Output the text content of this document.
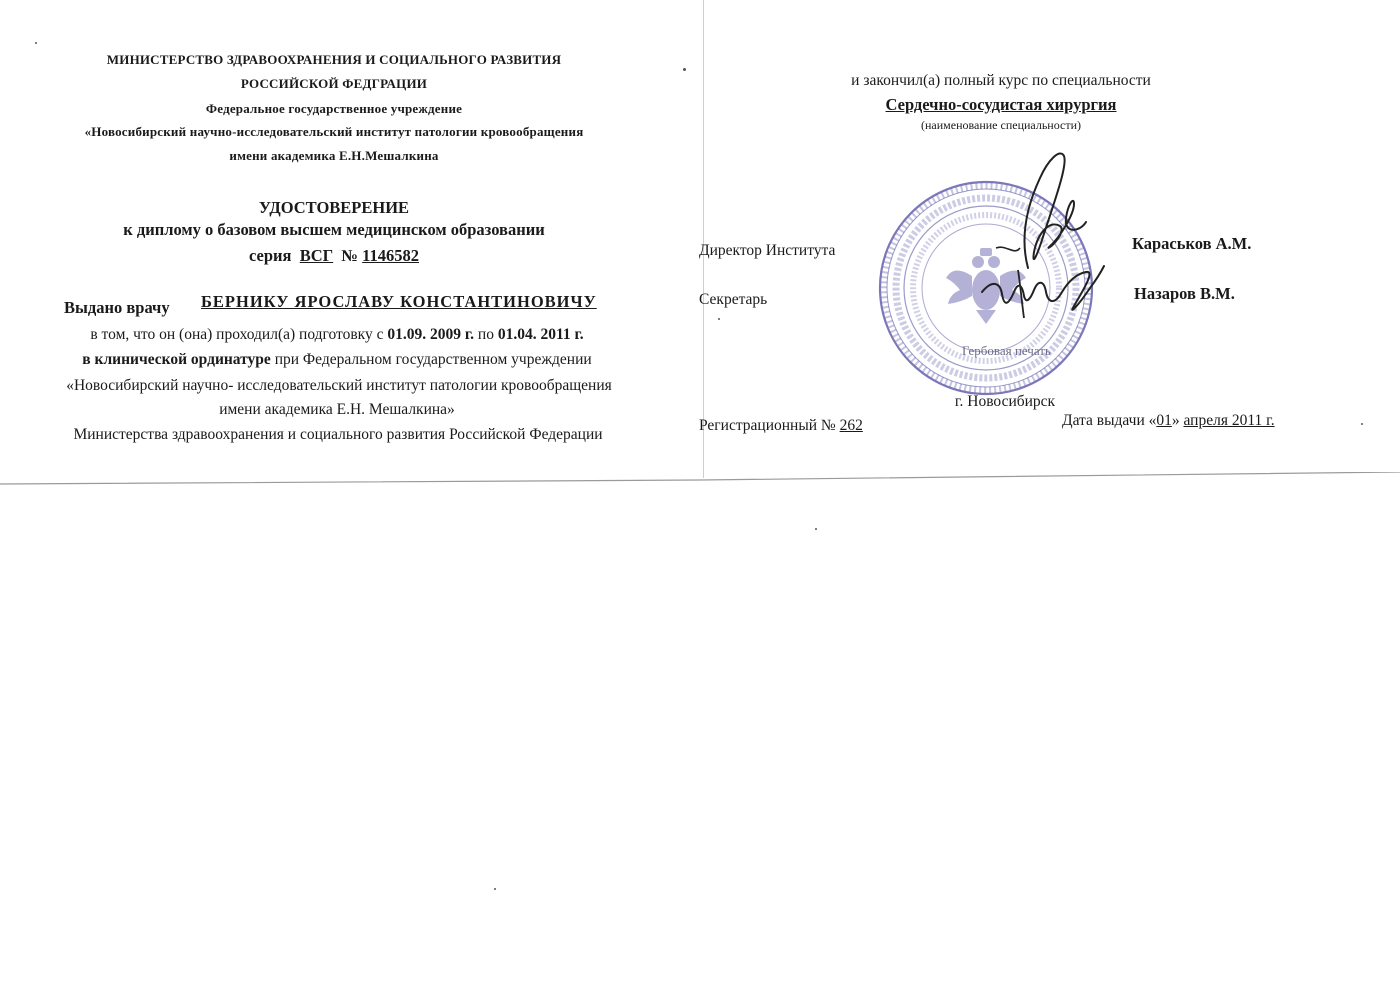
МИНИСТЕРСТВО ЗДРАВООХРАНЕНИЯ И СОЦИАЛЬНОГО РАЗВИТИЯ
РОССИЙСКОЙ ФЕДГРАЦИИ
Федеральное государственное учреждение
«Новосибирский научно-исследовательский институт патологии кровообращения
имени академика Е.Н.Мешалкина
УДОСТОВЕРЕНИЕ
к диплому о базовом высшем медицинском образовании
серия ВСГ № 1146582
Выдано врачу БЕРНИКУ ЯРОСЛАВУ КОНСТАНТИНОВИЧУ
в том, что он (она) проходил(а) подготовку с 01.09. 2009 г. по 01.04. 2011 г.
в клинической ординатуре при Федеральном государственном учреждении
«Новосибирский научно- исследовательский институт патологии кровообращения
имени академика Е.Н. Мешалкина»
Министерства здравоохранения и социального развития Российской Федерации
и закончил(а) полный курс по специальности
Сердечно-сосудистая хирургия
(наименование специальности)
Директор Института	Караськов А.М.
Секретарь	Назаров В.М.
Гербовая печать
г. Новосибирск
Регистрационный № 262	Дата выдачи «01» апреля 2011 г.
